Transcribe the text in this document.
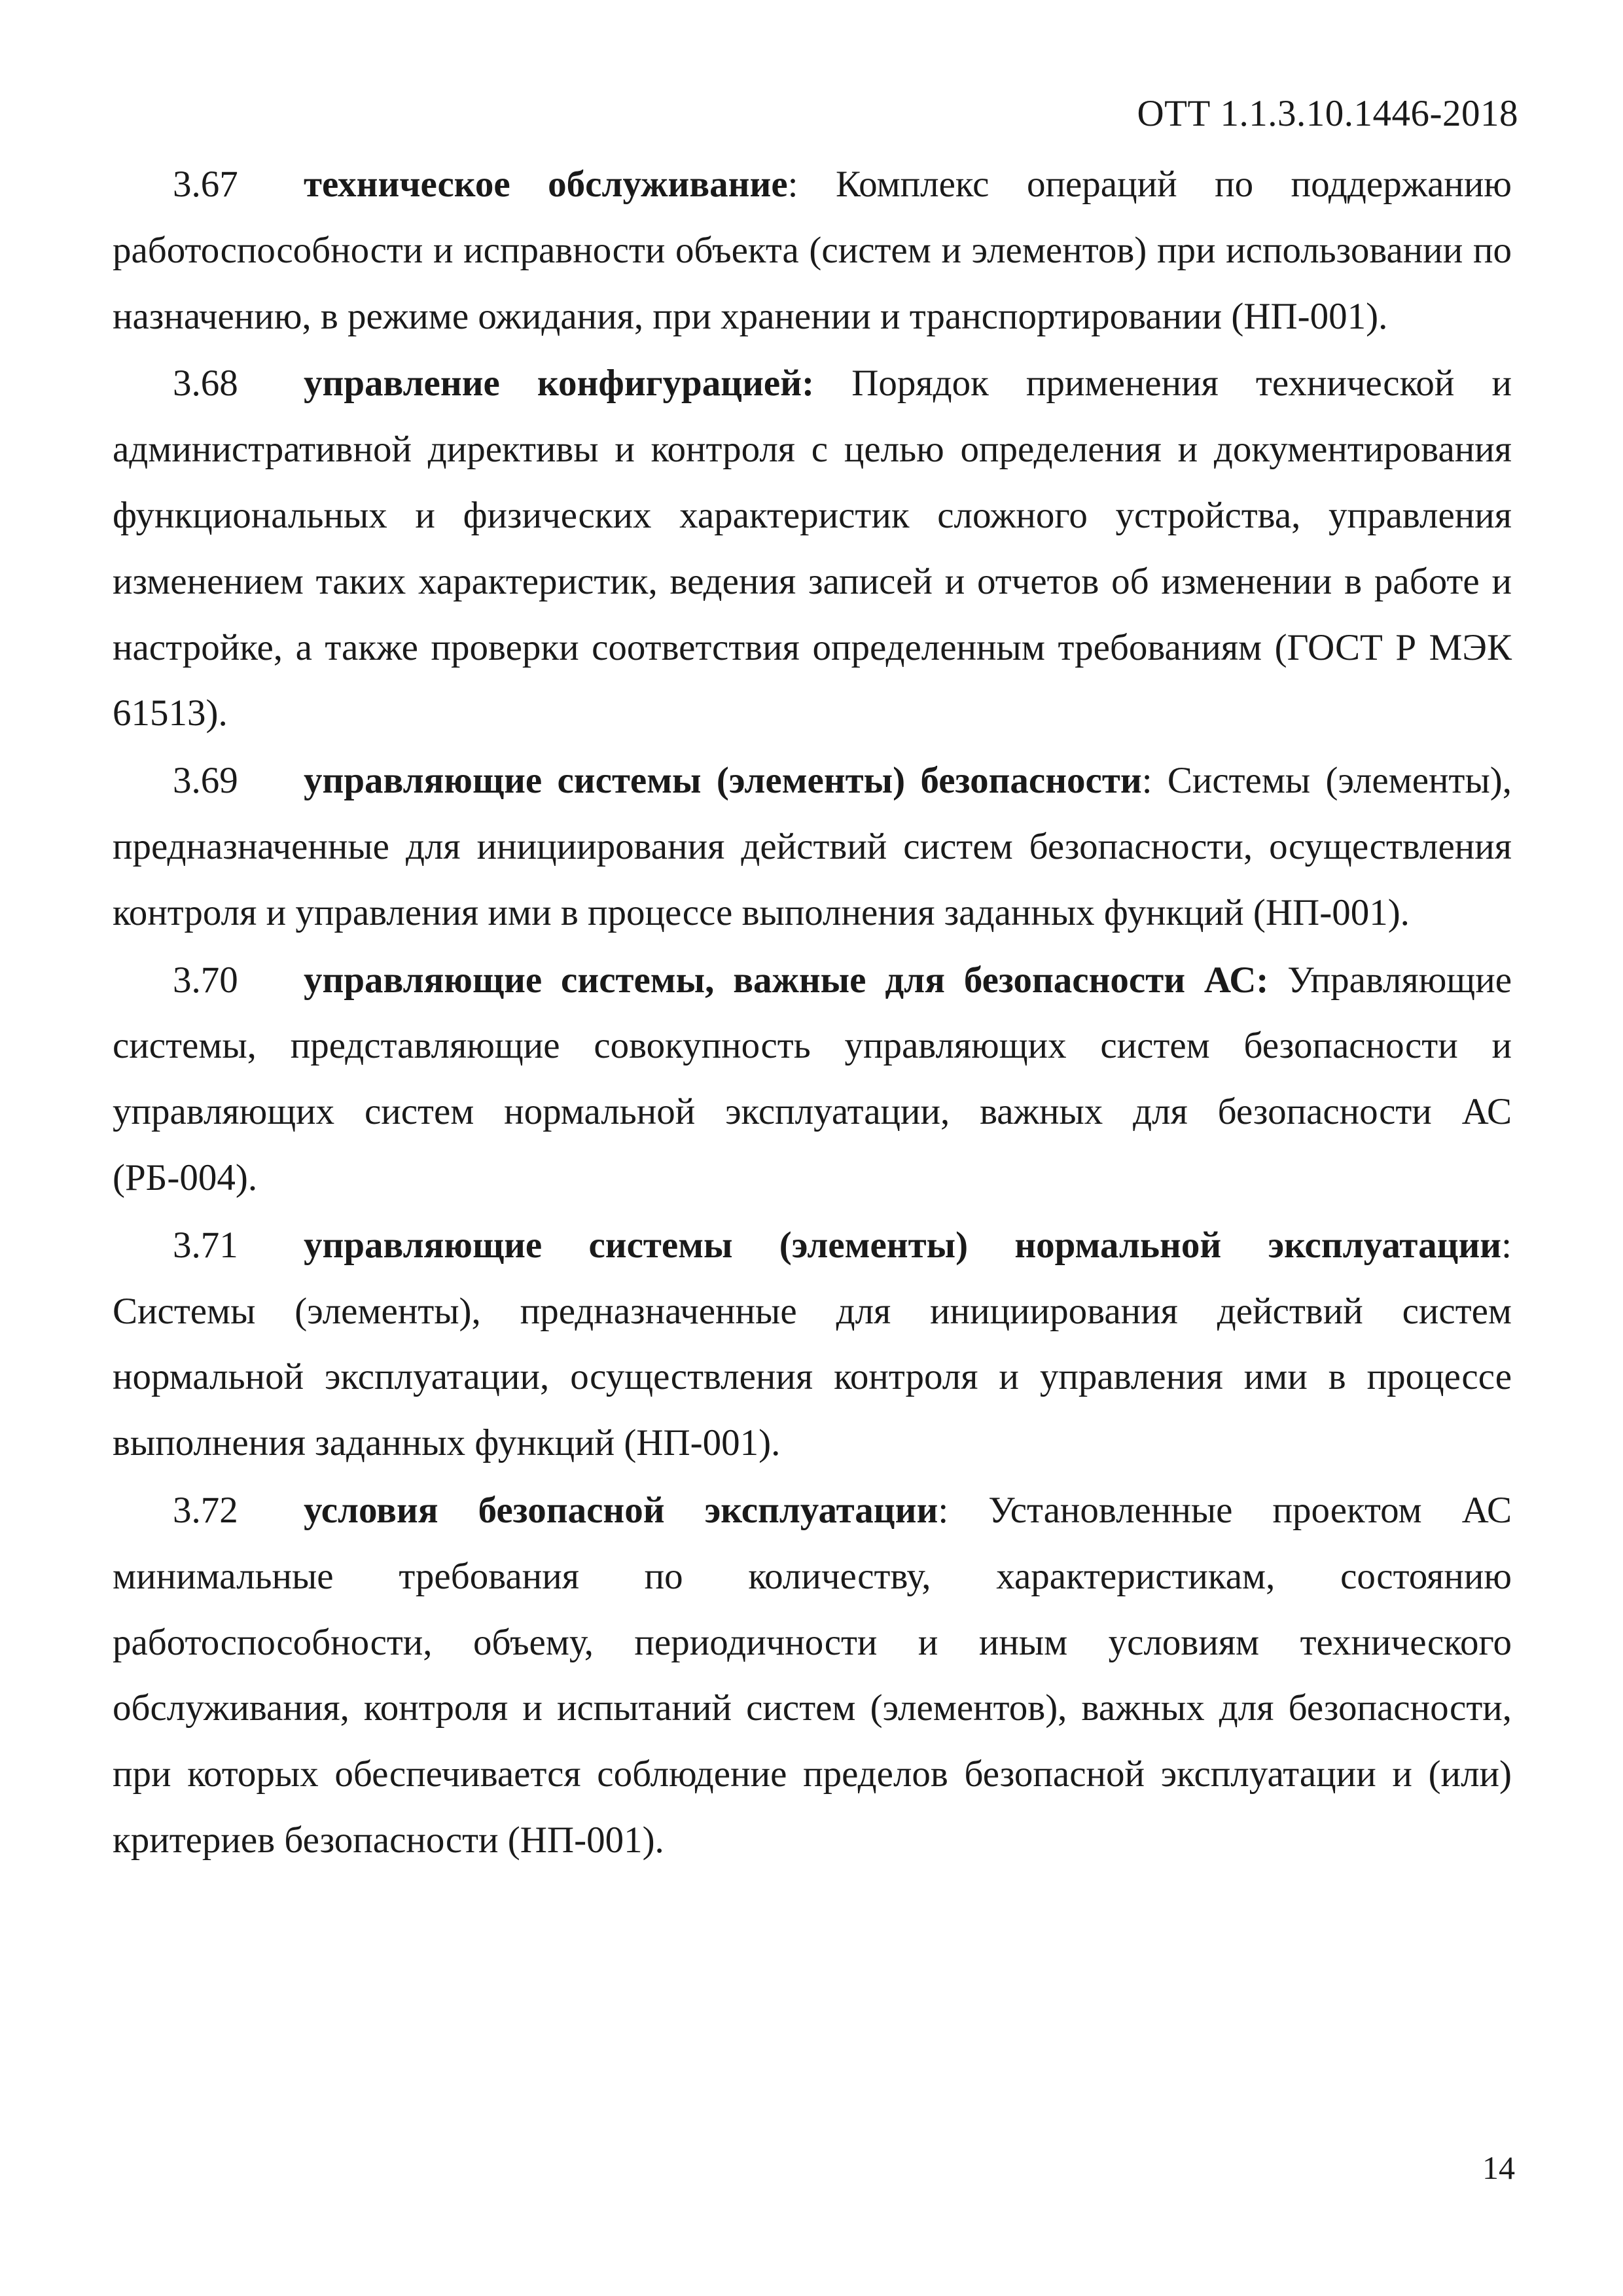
ОТТ 1.1.3.10.1446-2018

3.67 техническое обслуживание: Комплекс операций по поддержанию работоспособности и исправности объекта (систем и элементов) при использовании по назначению, в режиме ожидания, при хранении и транспортировании (НП-001).

3.68 управление конфигурацией: Порядок применения технической и административной директивы и контроля с целью определения и документирования функциональных и физических характеристик сложного устройства, управления изменением таких характеристик, ведения записей и отчетов об изменении в работе и настройке, а также проверки соответствия определенным требованиям (ГОСТ Р МЭК 61513).

3.69 управляющие системы (элементы) безопасности: Системы (элементы), предназначенные для инициирования действий систем безопасности, осуществления контроля и управления ими в процессе выполнения заданных функций (НП-001).

3.70 управляющие системы, важные для безопасности АС: Управляющие системы, представляющие совокупность управляющих систем безопасности и управляющих систем нормальной эксплуатации, важных для безопасности АС (РБ-004).

3.71 управляющие системы (элементы) нормальной эксплуатации: Системы (элементы), предназначенные для инициирования действий систем нормальной эксплуатации, осуществления контроля и управления ими в процессе выполнения заданных функций (НП-001).

3.72 условия безопасной эксплуатации: Установленные проектом АС минимальные требования по количеству, характеристикам, состоянию работоспособности, объему, периодичности и иным условиям технического обслуживания, контроля и испытаний систем (элементов), важных для безопасности, при которых обеспечивается соблюдение пределов безопасной эксплуатации и (или) критериев безопасности (НП-001).

14
